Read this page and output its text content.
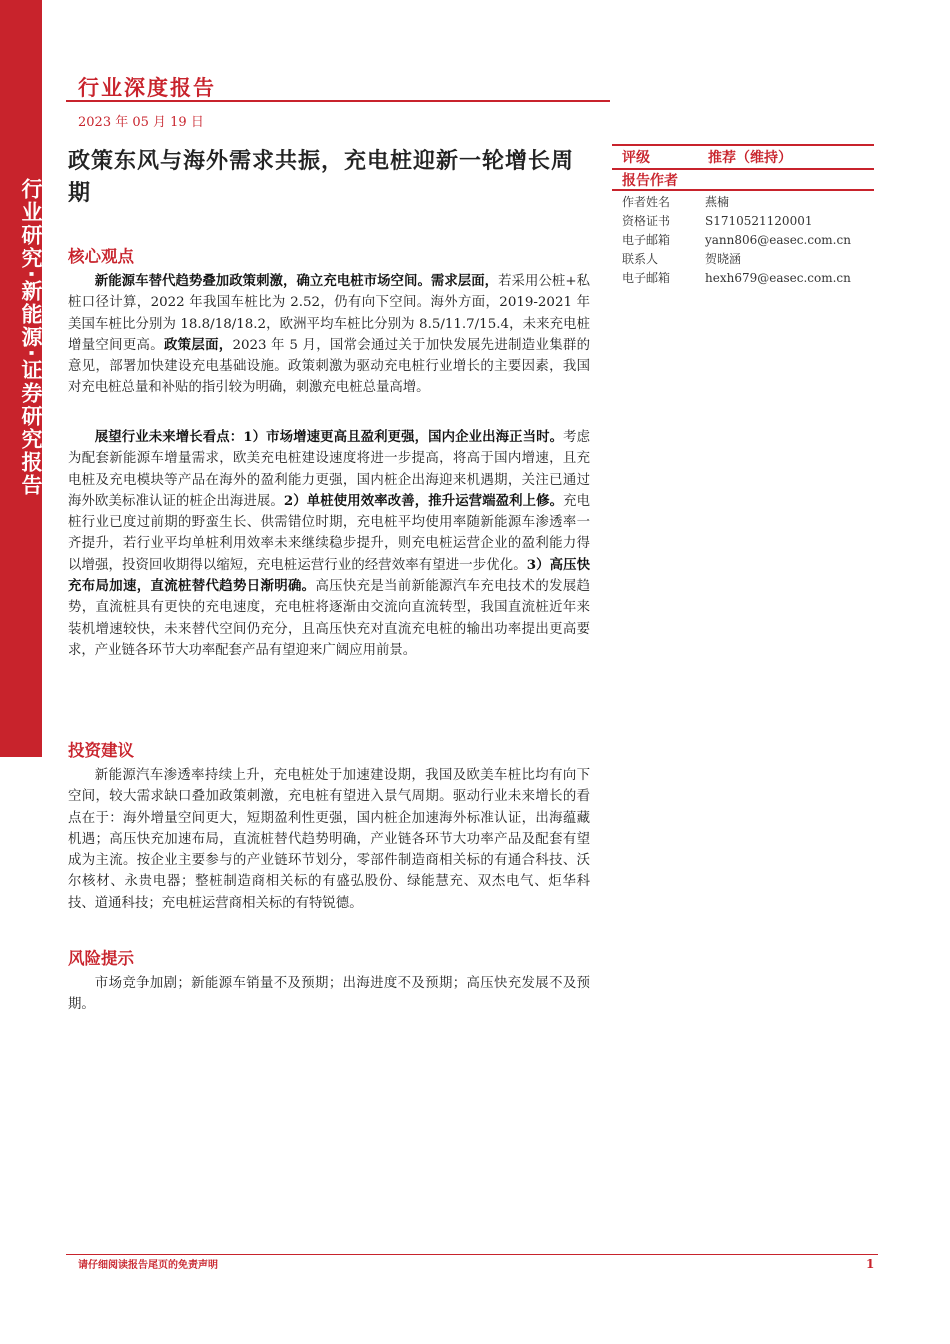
行业研究·新能源·证券研究报告
行业深度报告
2023 年 05 月 19 日
政策东风与海外需求共振，充电桩迎新一轮增长周期
评级	推荐（维持）
报告作者
作者姓名	燕楠
资格证书	S1710521120001
电子邮箱	yann806@easec.com.cn
联系人	贺晓涵
电子邮箱	hexh679@easec.com.cn
核心观点

新能源车替代趋势叠加政策刺激，确立充电桩市场空间。需求层面，若采用公桩+私桩口径计算，2022 年我国车桩比为 2.52，仍有向下空间。海外方面，2019-2021 年美国车桩比分别为 18.8/18/18.2，欧洲平均车桩比分别为 8.5/11.7/15.4，未来充电桩增量空间更高。政策层面，2023 年 5 月，国常会通过关于加快发展先进制造业集群的意见，部署加快建设充电基础设施。政策刺激为驱动充电桩行业增长的主要因素，我国对充电桩总量和补贴的指引较为明确，刺激充电桩总量高增。

展望行业未来增长看点：1）市场增速更高且盈利更强，国内企业出海正当时。考虑为配套新能源车增量需求，欧美充电桩建设速度将进一步提高，将高于国内增速，且充电桩及充电模块等产品在海外的盈利能力更强，国内桩企出海迎来机遇期，关注已通过海外欧美标准认证的桩企出海进展。2）单桩使用效率改善，推升运营端盈利上修。充电桩行业已度过前期的野蛮生长、供需错位时期，充电桩平均使用率随新能源车渗透率一齐提升，若行业平均单桩利用效率未来继续稳步提升，则充电桩运营企业的盈利能力得以增强，投资回收期得以缩短，充电桩运营行业的经营效率有望进一步优化。3）高压快充布局加速，直流桩替代趋势日渐明确。高压快充是当前新能源汽车充电技术的发展趋势，直流桩具有更快的充电速度，充电桩将逐渐由交流向直流转型，我国直流桩近年来装机增速较快，未来替代空间仍充分，且高压快充对直流充电桩的输出功率提出更高要求，产业链各环节大功率配套产品有望迎来广阔应用前景。

投资建议

新能源汽车渗透率持续上升，充电桩处于加速建设期，我国及欧美车桩比均有向下空间，较大需求缺口叠加政策刺激，充电桩有望进入景气周期。驱动行业未来增长的看点在于：海外增量空间更大，短期盈利性更强，国内桩企加速海外标准认证，出海蕴藏机遇；高压快充加速布局，直流桩替代趋势明确，产业链各环节大功率产品及配套有望成为主流。按企业主要参与的产业链环节划分，零部件制造商相关标的有通合科技、沃尔核材、永贵电器；整桩制造商相关标的有盛弘股份、绿能慧充、双杰电气、炬华科技、道通科技；充电桩运营商相关标的有特锐德。

风险提示

市场竞争加剧；新能源车销量不及预期；出海进度不及预期；高压快充发展不及预期。

请仔细阅读报告尾页的免责声明	1
